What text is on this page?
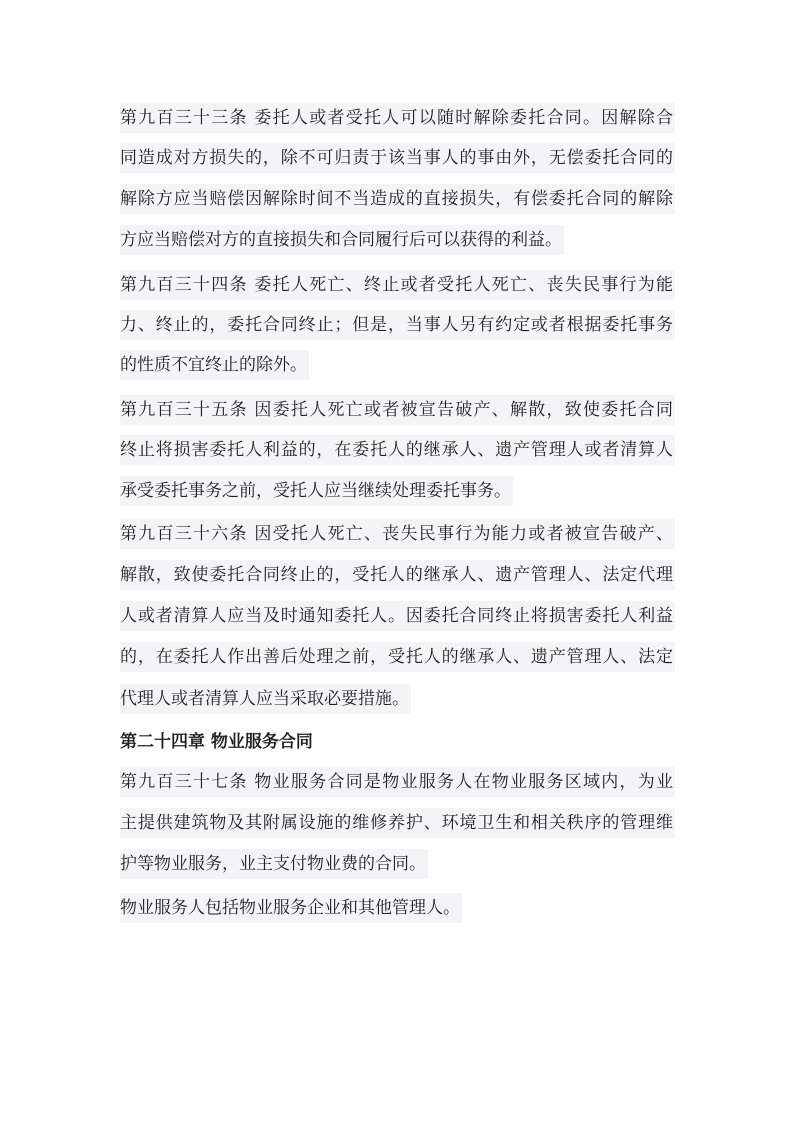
第九百三十三条 委托人或者受托人可以随时解除委托合同。因解除合
同造成对方损失的，除不可归责于该当事人的事由外，无偿委托合同的
解除方应当赔偿因解除时间不当造成的直接损失，有偿委托合同的解除
方应当赔偿对方的直接损失和合同履行后可以获得的利益。
第九百三十四条 委托人死亡、终止或者受托人死亡、丧失民事行为能
力、终止的，委托合同终止；但是，当事人另有约定或者根据委托事务
的性质不宜终止的除外。
第九百三十五条 因委托人死亡或者被宣告破产、解散，致使委托合同
终止将损害委托人利益的，在委托人的继承人、遗产管理人或者清算人
承受委托事务之前，受托人应当继续处理委托事务。
第九百三十六条 因受托人死亡、丧失民事行为能力或者被宣告破产、
解散，致使委托合同终止的，受托人的继承人、遗产管理人、法定代理
人或者清算人应当及时通知委托人。因委托合同终止将损害委托人利益
的，在委托人作出善后处理之前，受托人的继承人、遗产管理人、法定
代理人或者清算人应当采取必要措施。
第二十四章 物业服务合同
第九百三十七条 物业服务合同是物业服务人在物业服务区域内，为业
主提供建筑物及其附属设施的维修养护、环境卫生和相关秩序的管理维
护等物业服务，业主支付物业费的合同。
物业服务人包括物业服务企业和其他管理人。
